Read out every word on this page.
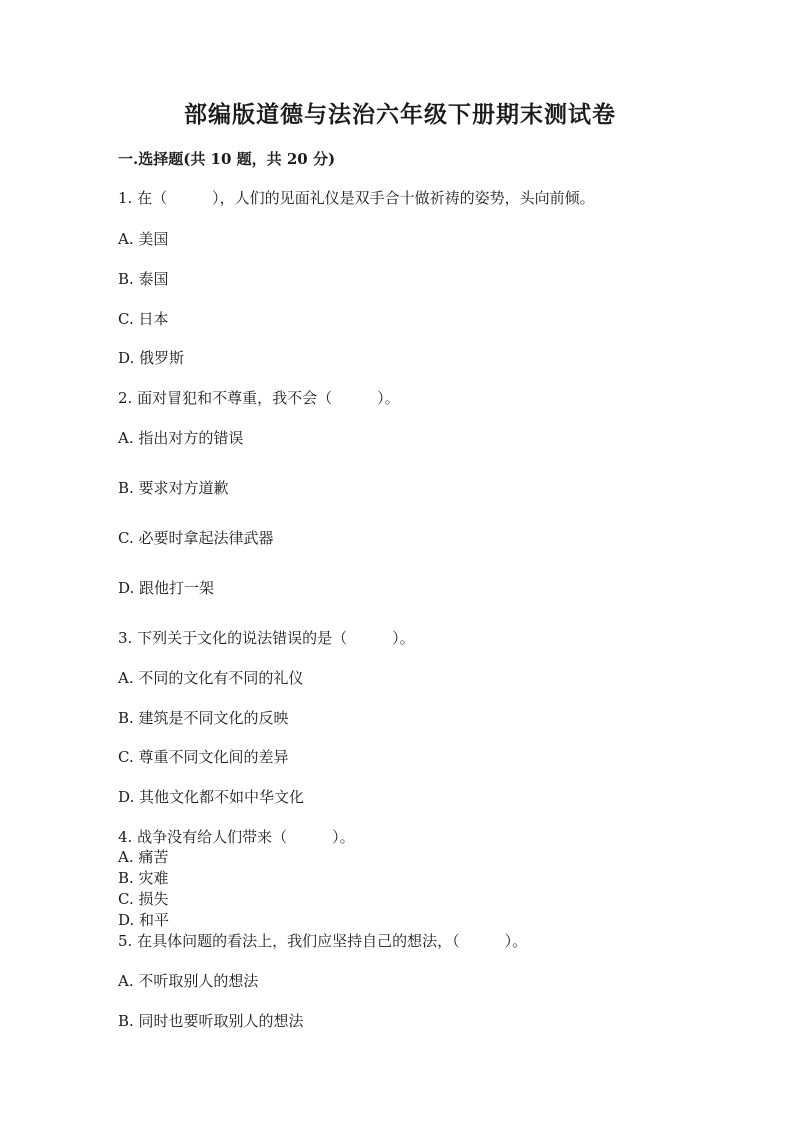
部编版道德与法治六年级下册期末测试卷
一.选择题(共 10 题，共 20 分)
1. 在（　　　），人们的见面礼仪是双手合十做祈祷的姿势，头向前倾。
A. 美国
B. 泰国
C. 日本
D. 俄罗斯
2. 面对冒犯和不尊重，我不会（　　　）。
A. 指出对方的错误
B. 要求对方道歉
C. 必要时拿起法律武器
D. 跟他打一架
3. 下列关于文化的说法错误的是（　　　）。
A. 不同的文化有不同的礼仪
B. 建筑是不同文化的反映
C. 尊重不同文化间的差异
D. 其他文化都不如中华文化
4. 战争没有给人们带来（　　　）。
A. 痛苦
B. 灾难
C. 损失
D. 和平
5. 在具体问题的看法上，我们应坚持自己的想法，（　　　）。
A. 不听取别人的想法
B. 同时也要听取别人的想法
